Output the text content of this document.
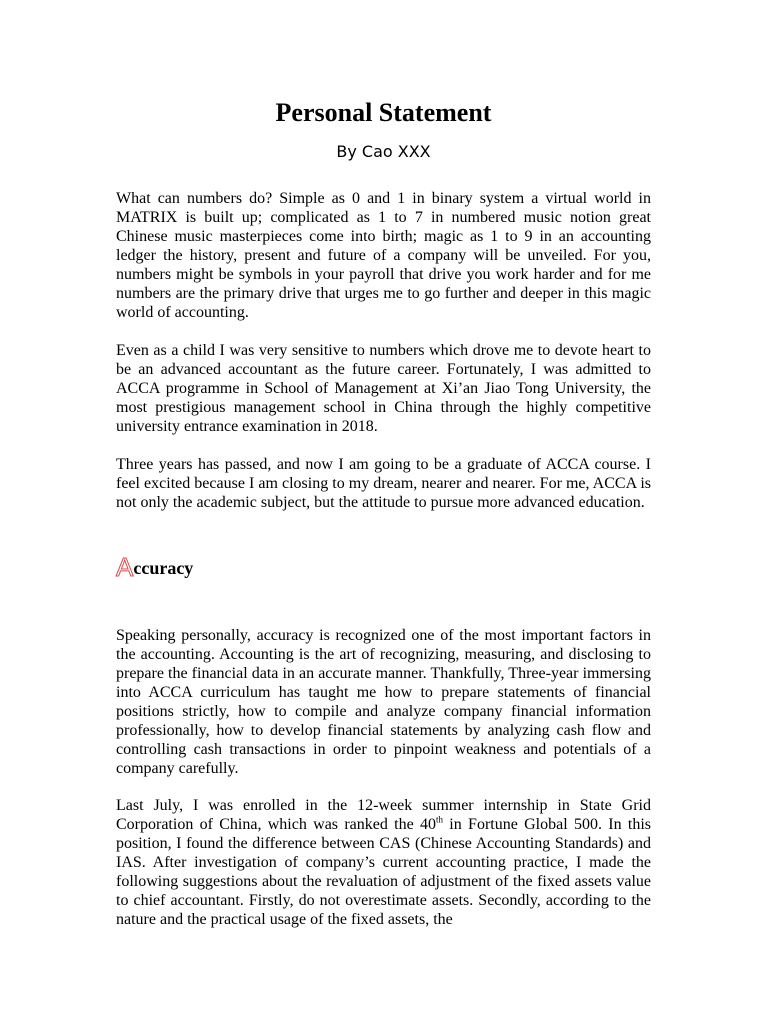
Personal Statement

By Cao XXX

What can numbers do? Simple as 0 and 1 in binary system a virtual world in MATRIX is built up; complicated as 1 to 7 in numbered music notion great Chinese music masterpieces come into birth; magic as 1 to 9 in an accounting ledger the history, present and future of a company will be unveiled. For you, numbers might be symbols in your payroll that drive you work harder and for me numbers are the primary drive that urges me to go further and deeper in this magic world of accounting.

Even as a child I was very sensitive to numbers which drove me to devote heart to be an advanced accountant as the future career. Fortunately, I was admitted to ACCA programme in School of Management at Xi’an Jiao Tong University, the most prestigious management school in China through the highly competitive university entrance examination in 2018.

Three years has passed, and now I am going to be a graduate of ACCA course. I feel excited because I am closing to my dream, nearer and nearer. For me, ACCA is not only the academic subject, but the attitude to pursue more advanced education.

Accuracy

Speaking personally, accuracy is recognized one of the most important factors in the accounting. Accounting is the art of recognizing, measuring, and disclosing to prepare the financial data in an accurate manner. Thankfully, Three-year immersing into ACCA curriculum has taught me how to prepare statements of financial positions strictly, how to compile and analyze company financial information professionally, how to develop financial statements by analyzing cash flow and controlling cash transactions in order to pinpoint weakness and potentials of a company carefully.

Last July, I was enrolled in the 12-week summer internship in State Grid Corporation of China, which was ranked the 40th in Fortune Global 500. In this position, I found the difference between CAS (Chinese Accounting Standards) and IAS. After investigation of company’s current accounting practice, I made the following suggestions about the revaluation of adjustment of the fixed assets value to chief accountant. Firstly, do not overestimate assets. Secondly, according to the nature and the practical usage of the fixed assets, the
